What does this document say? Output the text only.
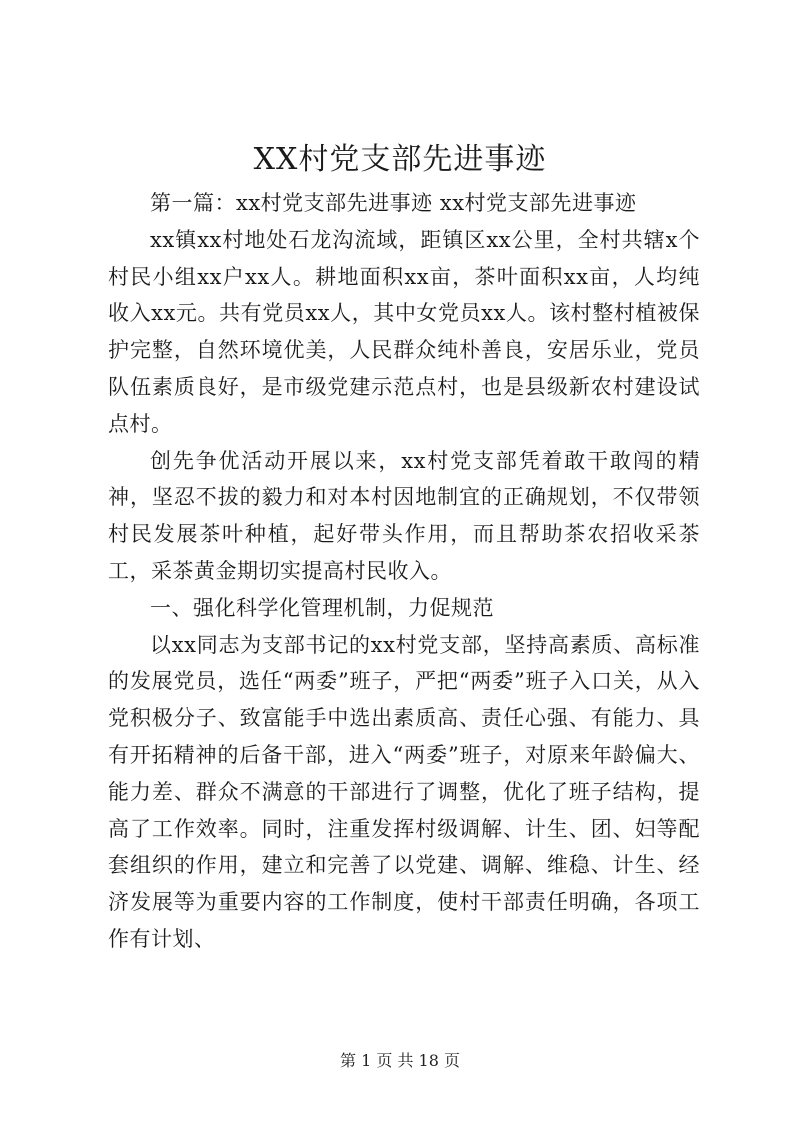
XX村党支部先进事迹

第一篇：xx村党支部先进事迹 xx村党支部先进事迹

xx镇xx村地处石龙沟流域，距镇区xx公里，全村共辖x个村民小组xx户xx人。耕地面积xx亩，茶叶面积xx亩，人均纯收入xx元。共有党员xx人，其中女党员xx人。该村整村植被保护完整，自然环境优美，人民群众纯朴善良，安居乐业，党员队伍素质良好，是市级党建示范点村，也是县级新农村建设试点村。

创先争优活动开展以来，xx村党支部凭着敢干敢闯的精神，坚忍不拔的毅力和对本村因地制宜的正确规划，不仅带领村民发展茶叶种植，起好带头作用，而且帮助茶农招收采茶工，采茶黄金期切实提高村民收入。

一、强化科学化管理机制，力促规范

以xx同志为支部书记的xx村党支部，坚持高素质、高标准的发展党员，选任“两委”班子，严把“两委”班子入口关，从入党积极分子、致富能手中选出素质高、责任心强、有能力、具有开拓精神的后备干部，进入“两委”班子，对原来年龄偏大、能力差、群众不满意的干部进行了调整，优化了班子结构，提高了工作效率。同时，注重发挥村级调解、计生、团、妇等配套组织的作用，建立和完善了以党建、调解、维稳、计生、经济发展等为重要内容的工作制度，使村干部责任明确，各项工作有计划、

第 1 页 共 18 页
